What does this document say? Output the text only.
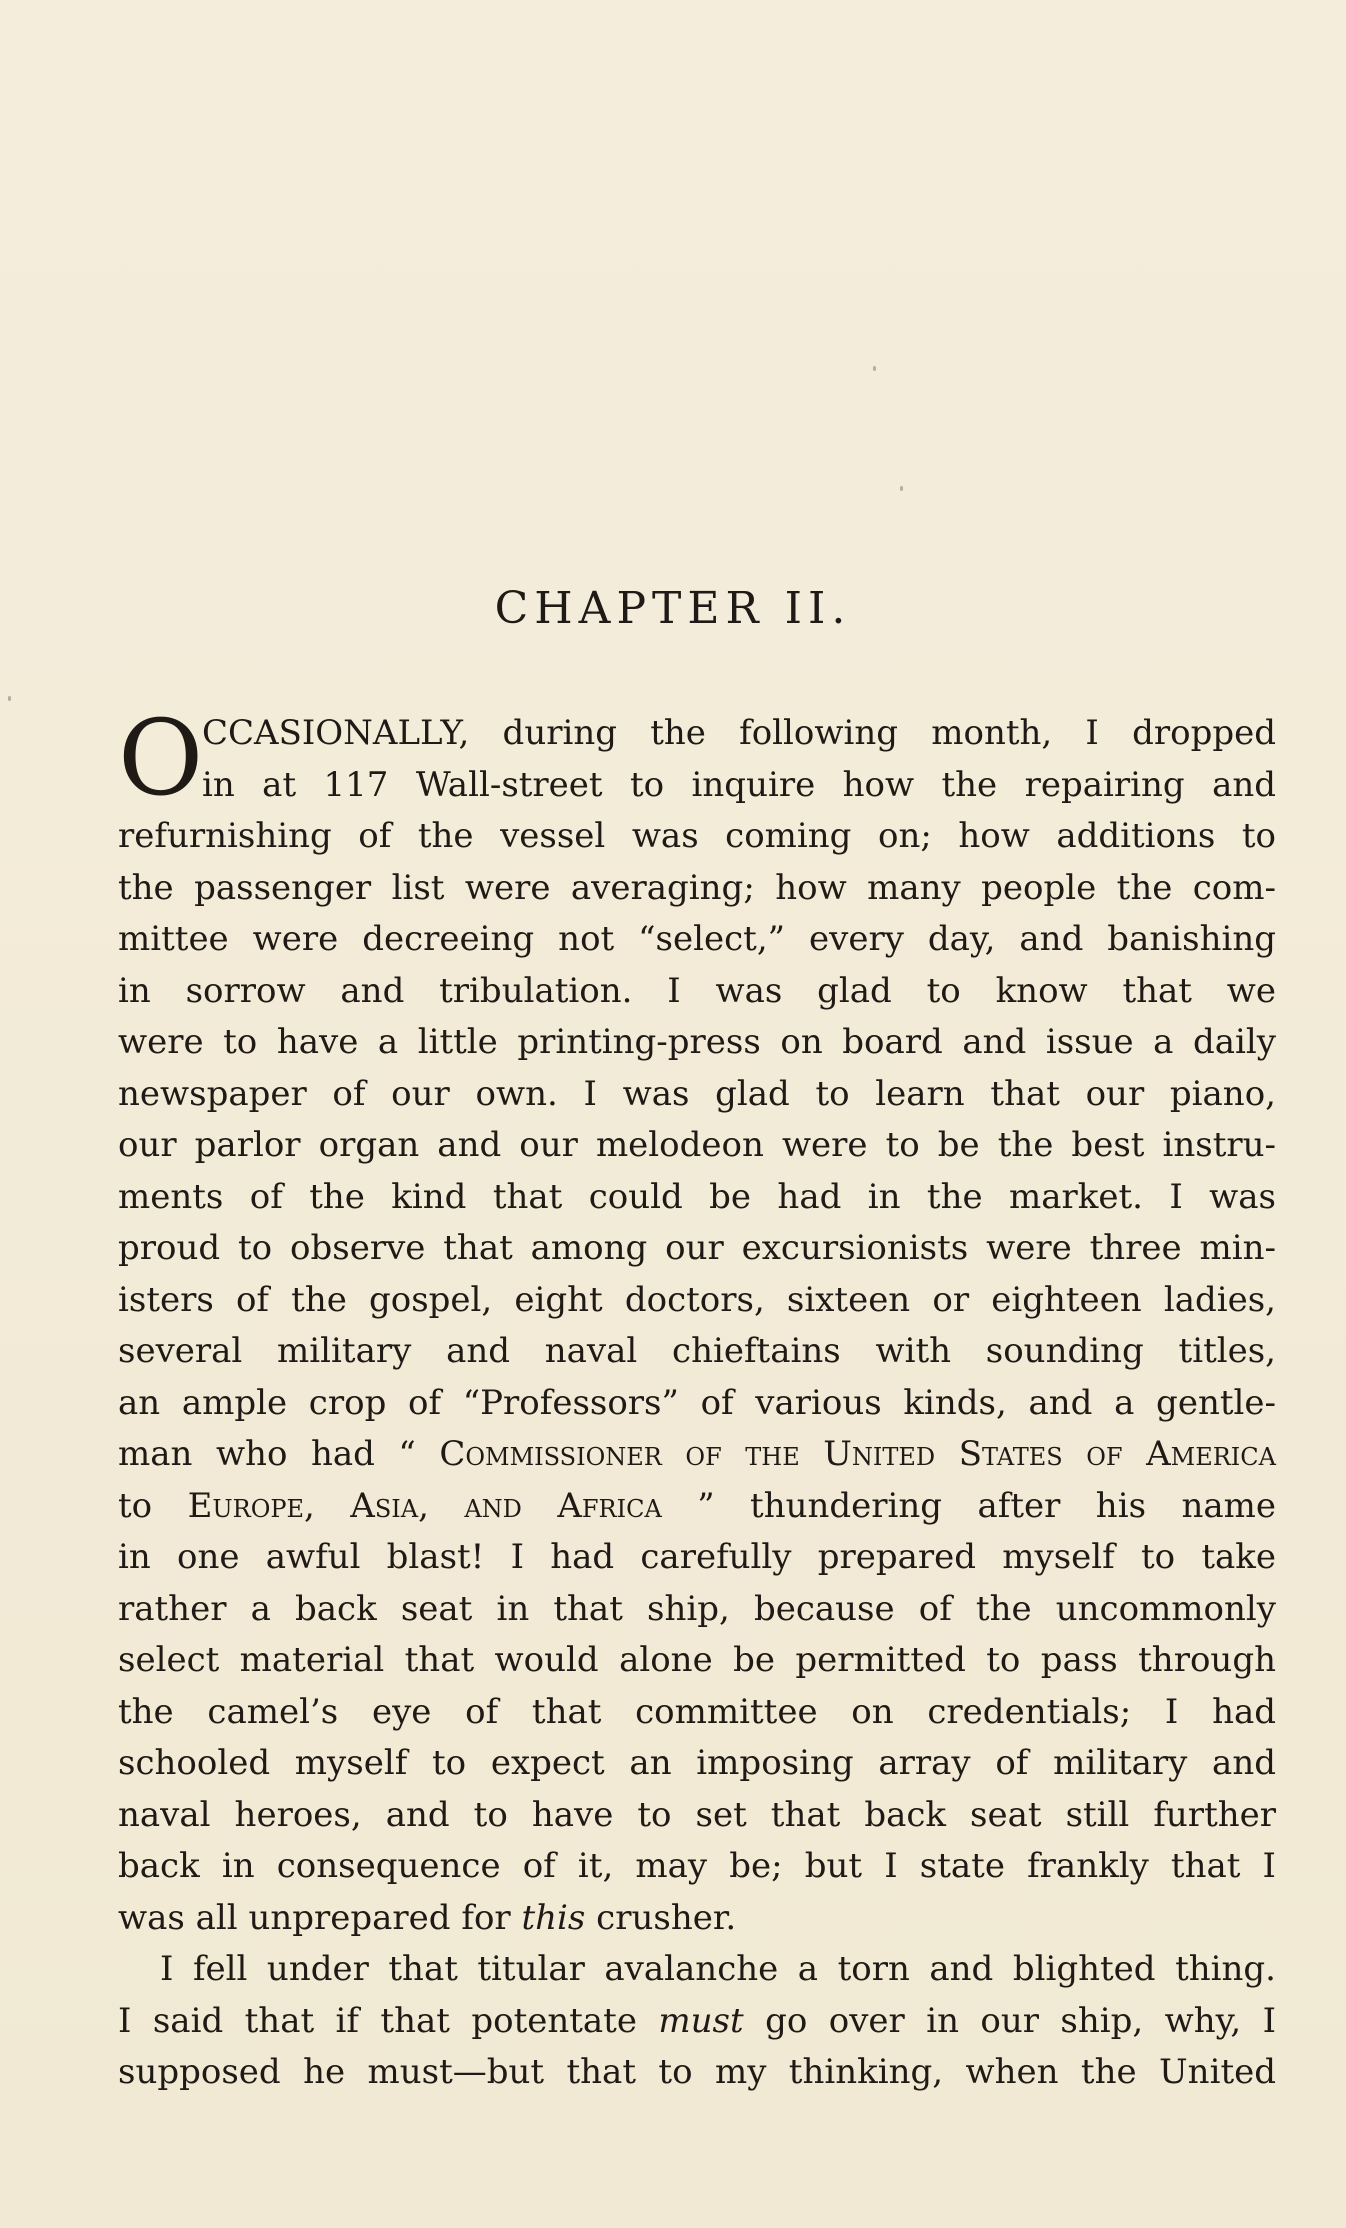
CHAPTER II.
O
CCASIONALLY, during the following month, I dropped
in at 117 Wall-street to inquire how the repairing and
refurnishing of the vessel was coming on; how additions to
the passenger list were averaging; how many people the com-
mittee were decreeing not “select,” every day, and banishing
in sorrow and tribulation. I was glad to know that we
were to have a little printing-press on board and issue a daily
newspaper of our own. I was glad to learn that our piano,
our parlor organ and our melodeon were to be the best instru-
ments of the kind that could be had in the market. I was
proud to observe that among our excursionists were three min-
isters of the gospel, eight doctors, sixteen or eighteen ladies,
several military and naval chieftains with sounding titles,
an ample crop of “Professors” of various kinds, and a gentle-
man who had “ Commissioner of the United States of America
to Europe, Asia, and Africa ” thundering after his name
in one awful blast! I had carefully prepared myself to take
rather a back seat in that ship, because of the uncommonly
select material that would alone be permitted to pass through
the camel’s eye of that committee on credentials; I had
schooled myself to expect an imposing array of military and
naval heroes, and to have to set that back seat still further
back in consequence of it, may be; but I state frankly that I
was all unprepared for this crusher.
I fell under that titular avalanche a torn and blighted thing.
I said that if that potentate must go over in our ship, why, I
supposed he must—but that to my thinking, when the United
